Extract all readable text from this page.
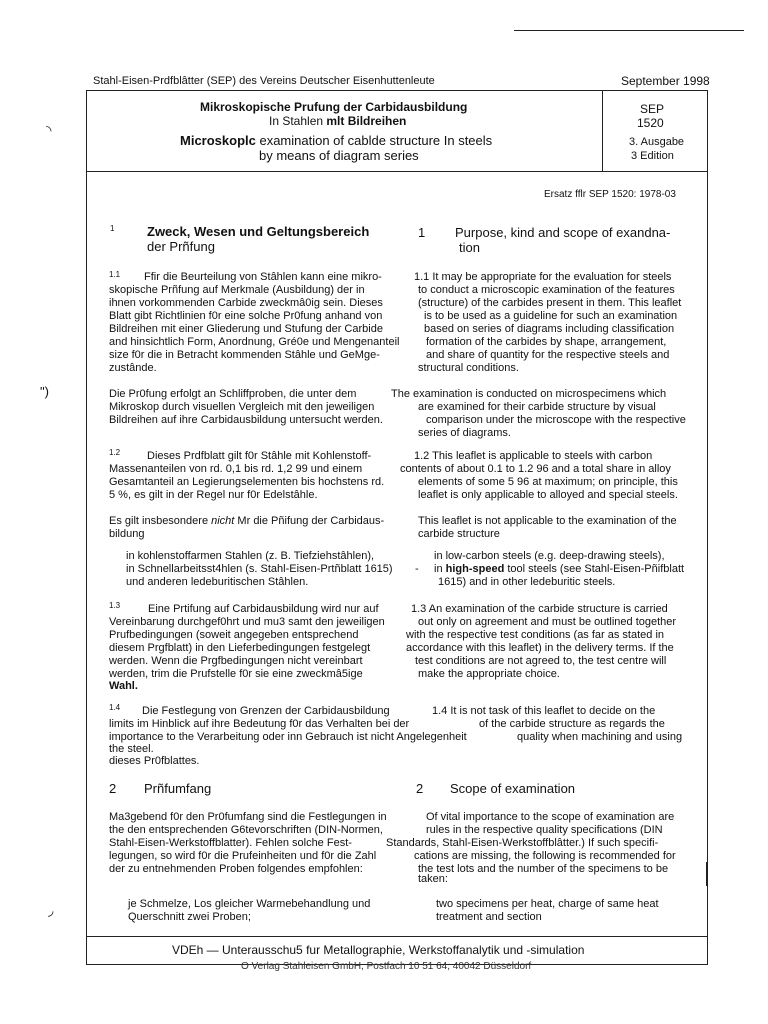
◝
")
◞
Stahl-Eisen-Prdfblâtter (SEP) des Vereins Deutscher Eisenhuttenleute	September 1998
Mikroskopische Prufung der Carbidausbildung
In Stahlen mlt Bildreihen
Microskoplc examination of cablde structure In steels
by means of diagram series
SEP
1520
3. Ausgabe
3 Edition
Ersatz fflr SEP 1520: 1978-03
1	Zweck, Wesen und Geltungsbereich
der Prñfung
1 Purpose, kind and scope of exandna-
tion
1.1 Ffir die Beurteilung von Stâhlen kann eine mikro-
skopische Prñfung auf Merkmale (Ausbildung) der in
ihnen vorkommenden Carbide zweckmâ0ig sein. Dieses
Blatt gibt Richtlinien f0r eine solche Pr0fung anhand von
Bildreihen mit einer Gliederung und Stufung der Carbide
and hinsichtlich Form, Anordnung, Gré0e und Mengenanteil
size f0r die in Betracht kommenden Stâhle und GeMge-
zustânde.
1.1 It may be appropriate for the evaluation for steels
to conduct a microscopic examination of the features
(structure) of the carbides present in them. This leaflet
is to be used as a guideline for such an examination
based on series of diagrams including classification
formation of the carbides by shape, arrangement,
and share of quantity for the respective steels and
structural conditions.
Die Pr0fung erfolgt an Schliffproben, die unter dem
Mikroskop durch visuellen Vergleich mit den jeweiligen
Bildreihen auf ihre Carbidausbildung untersucht werden.
The examination is conducted on microspecimens which
are examined for their carbide structure by visual
comparison under the microscope with the respective
series of diagrams.
1.2 Dieses Prdfblatt gilt f0r Stâhle mit Kohlenstoff-
Massenanteilen von rd. 0,1 bis rd. 1,2 99 und einem
Gesamtanteil an Legierungselementen bis hochstens rd.
5 %, es gilt in der Regel nur f0r Edelstâhle.
1.2 This leaflet is applicable to steels with carbon
contents of about 0.1 to 1.2 96 and a total share in alloy
elements of some 5 96 at maximum; on principle, this
leaflet is only applicable to alloyed and special steels.
Es gilt insbesondere nicht Mr die Pñifung der Carbidaus-
bildung
This leaflet is not applicable to the examination of the
carbide structure
in kohlenstoffarmen Stahlen (z. B. Tiefziehstâhlen),
in Schnellarbeitsst4hlen (s. Stahl-Eisen-Prtñblatt 1615)
und anderen ledeburitischen Stâhlen.
-
in low-carbon steels (e.g. deep-drawing steels),
in high-speed tool steels (see Stahl-Eisen-Pñifblatt
1615) and in other ledeburitic steels.
1.3	Eine Prtifung auf Carbidausbildung wird nur auf
Vereinbarung durchgef0hrt und mu3 samt den jeweiligen
Prufbedingungen (soweit angegeben entsprechend
diesem Prgfblatt) in den Lieferbedingungen festgelegt
werden. Wenn die Prgfbedingungen nicht vereinbart
werden, trim die Prufstelle f0r sie eine zweckmâ5ige
Wahl.
1.3 An examination of the carbide structure is carried
out only on agreement and must be outlined together
with the respective test conditions (as far as stated in
accordance with this leaflet) in the delivery terms. If the
test conditions are not agreed to, the test centre will
make the appropriate choice.
1.4 Die Festlegung von Grenzen der Carbidausbildung
limits im Hinblick auf ihre Bedeutung f0r das Verhalten bei der
importance to the Verarbeitung oder inn Gebrauch ist nicht Angelegenheit
the steel.
dieses Pr0fblattes.
1.4 It is not task of this leaflet to decide on the
of the carbide structure as regards the
quality when machining and using
2 Prñfumfang	2 Scope of examination
Ma3gebend f0r den Pr0fumfang sind die Festlegungen in
the den entsprechenden G6tevorschriften (DIN-Normen,
Stahl-Eisen-Werkstoffblatter). Fehlen solche Fest-
legungen, so wird f0r die Prufeinheiten und f0r die Zahl
der zu entnehmenden Proben folgendes empfohlen:
Of vital importance to the scope of examination are
rules in the respective quality specifications (DIN
Standards, Stahl-Eisen-Werkstoffblâtter.) If such specifi-
cations are missing, the following is recommended for
the test lots and the number of the specimens to be
taken:
je Schmelze, Los gleicher Warmebehandlung und
Querschnitt zwei Proben;
two specimens per heat, charge of same heat
treatment and section
VDEh — Unterausschu5 fur Metallographie, Werkstoffanalytik und -simulation
O Verlag Stahleisen GmbH, Postfach 10 51 64, 40042 Düsseldorf
